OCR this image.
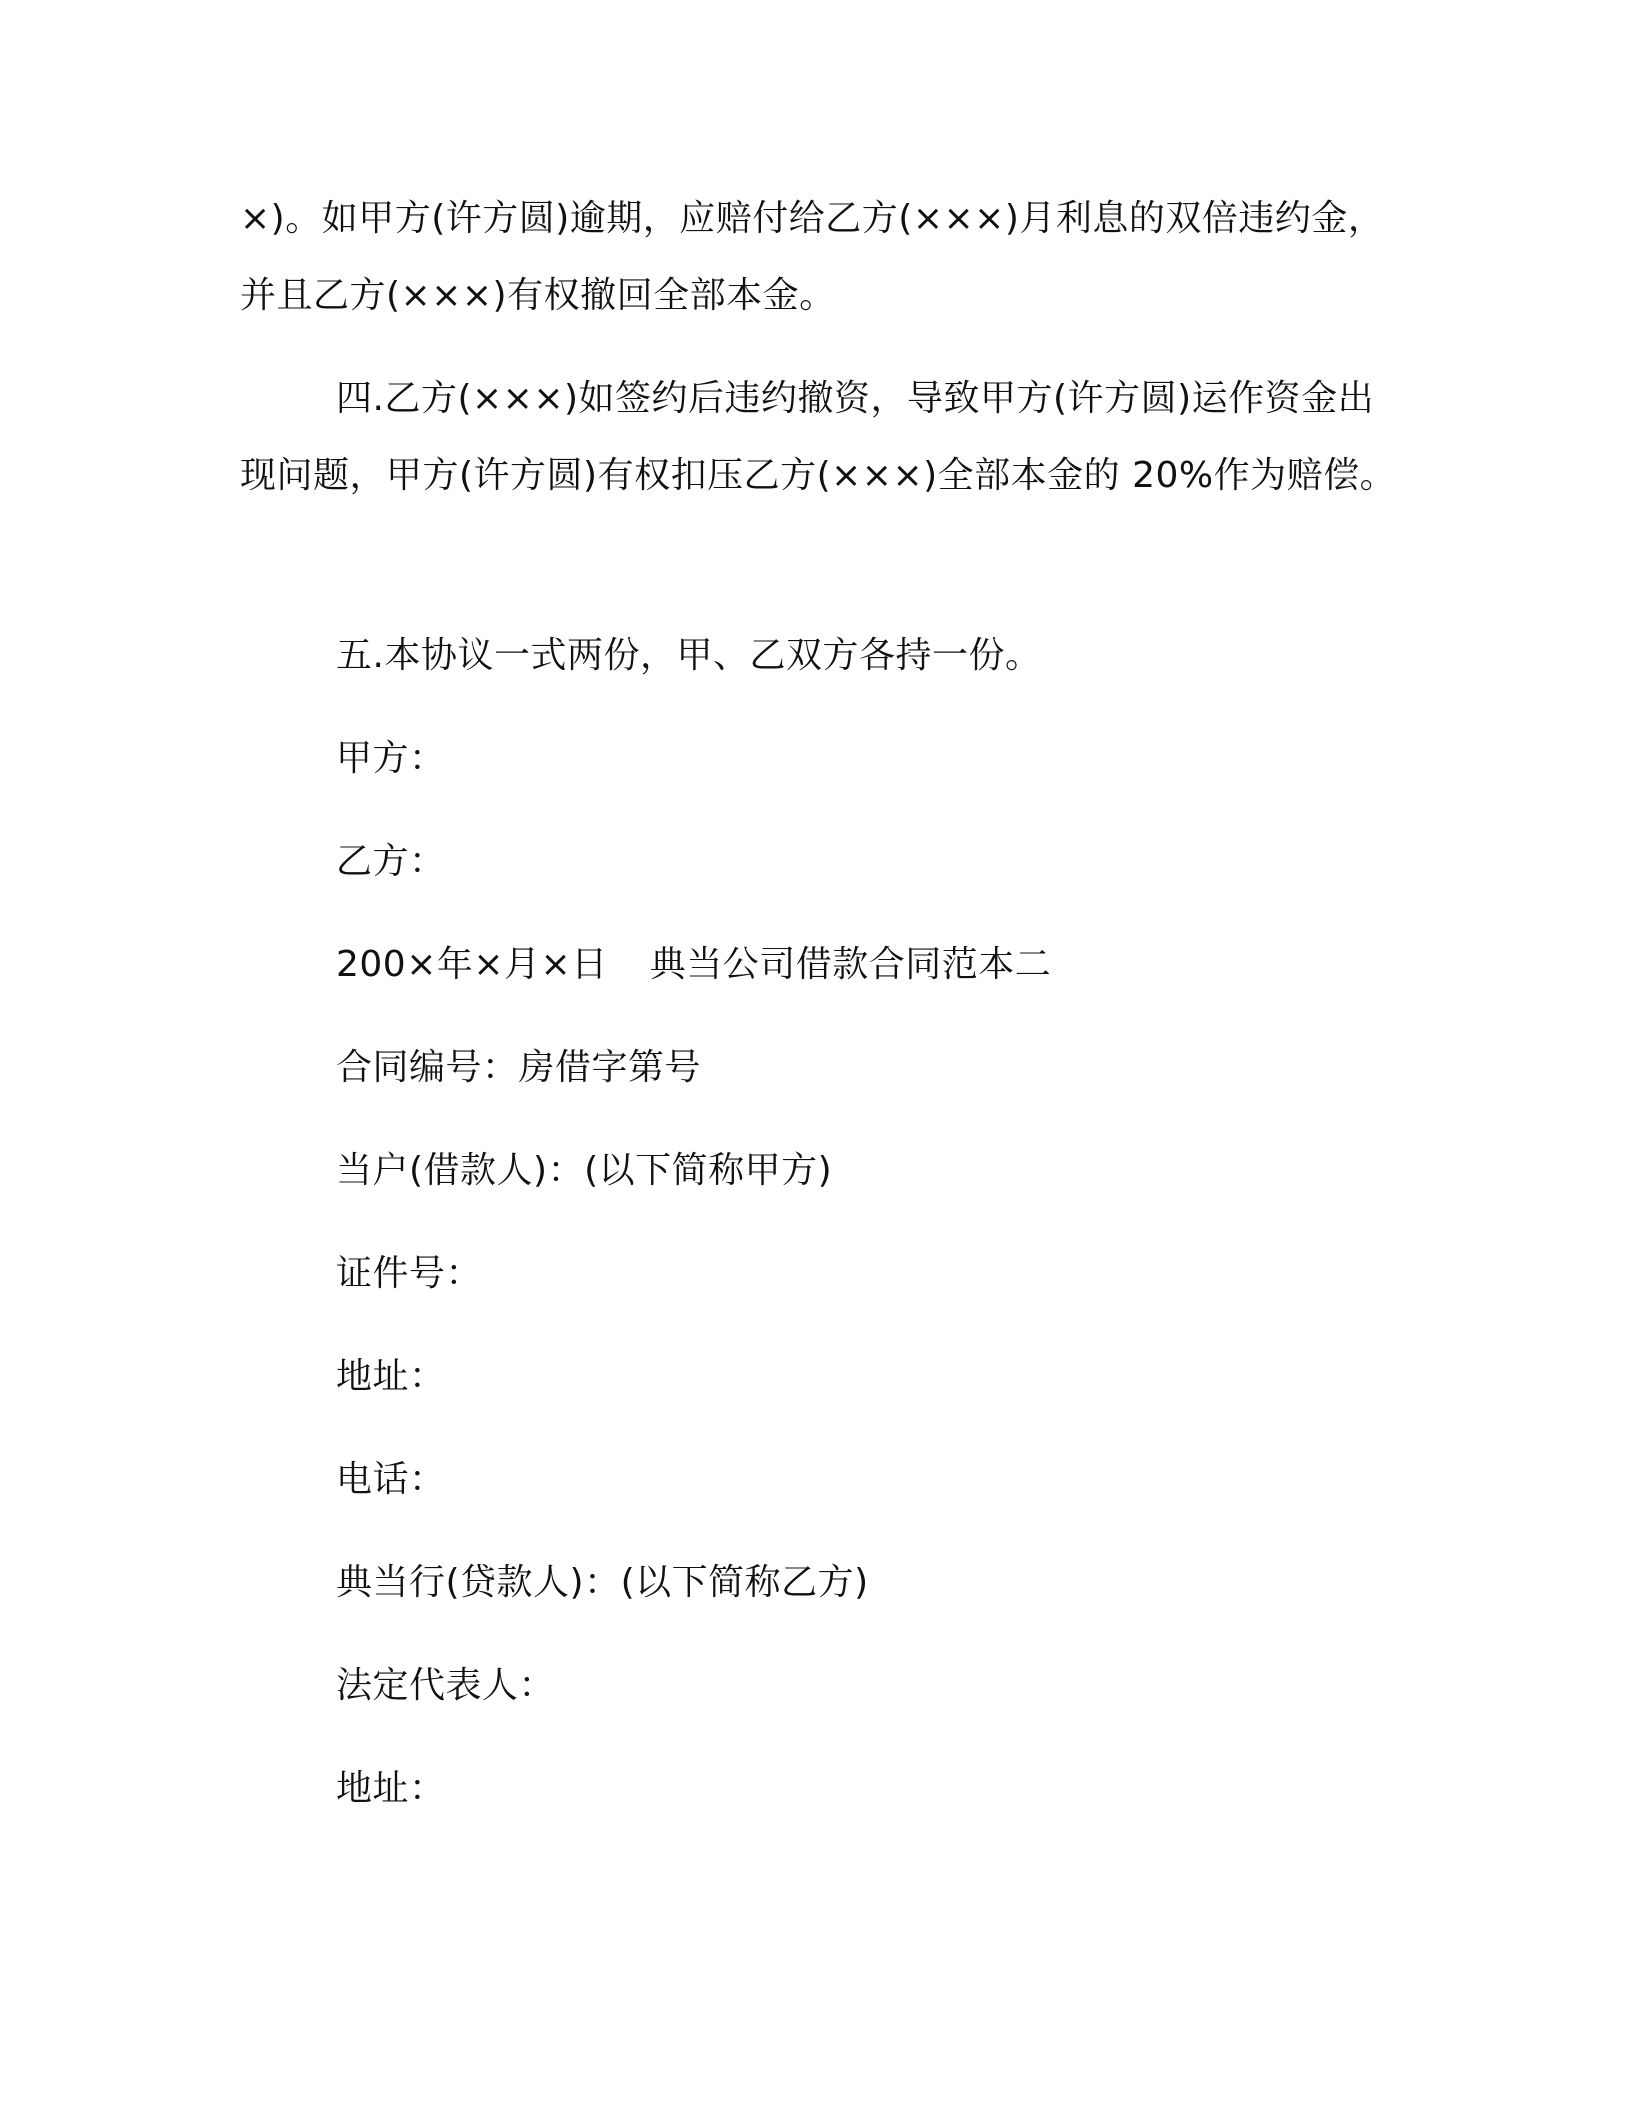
×)。如甲方(许方圆)逾期，应赔付给乙方(×××)月利息的双倍违约金，并且乙方(×××)有权撤回全部本金。

四.乙方(×××)如签约后违约撤资，导致甲方(许方圆)运作资金出现问题，甲方(许方圆)有权扣压乙方(×××)全部本金的 20%作为赔偿。

五.本协议一式两份，甲、乙双方各持一份。

甲方：

乙方：

200×年×月×日 典当公司借款合同范本二

合同编号：房借字第号

当户(借款人)：(以下简称甲方)

证件号：

地址：

电话：

典当行(贷款人)：(以下简称乙方)

法定代表人：

地址：
